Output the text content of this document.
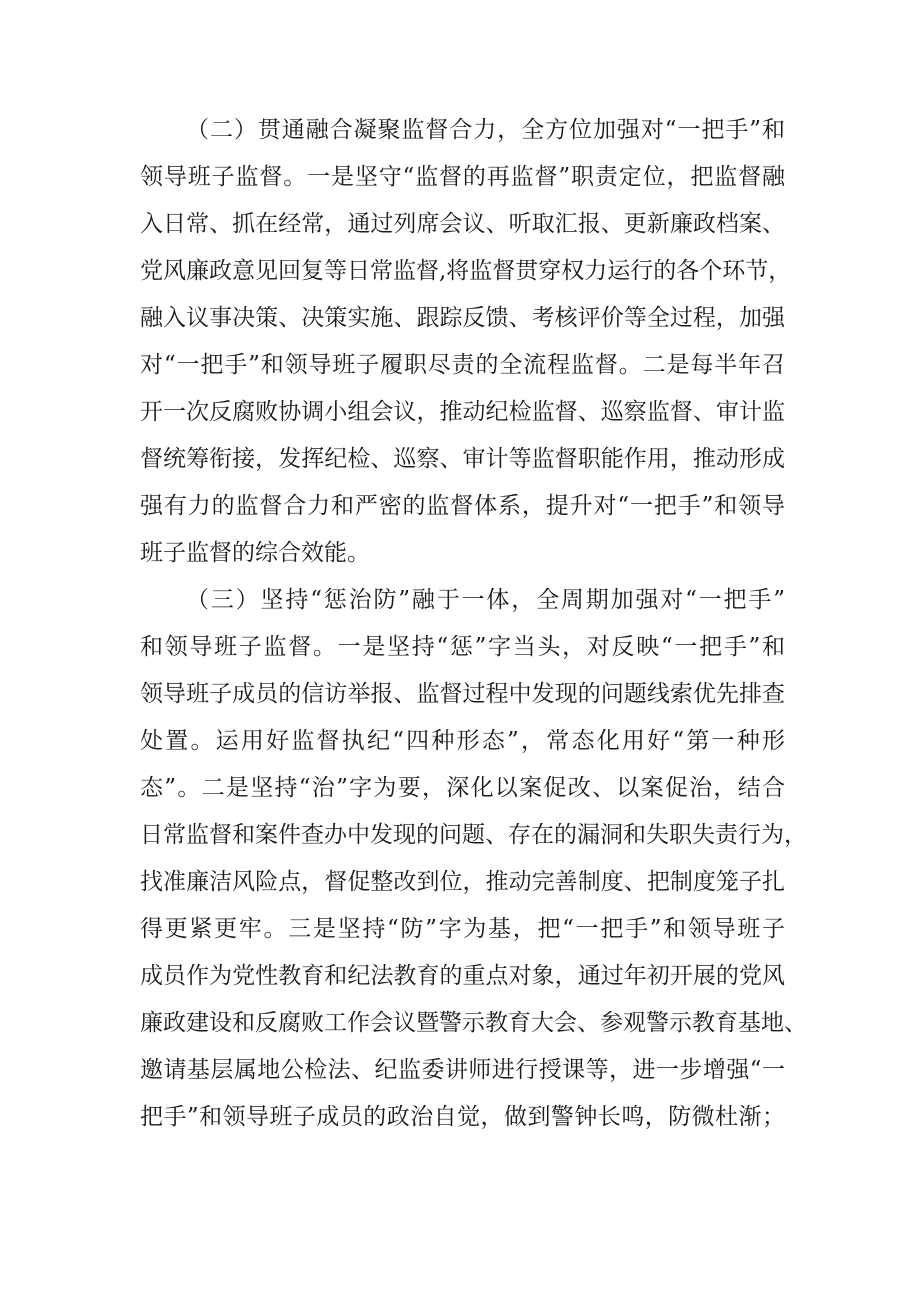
（二）贯通融合凝聚监督合力，全方位加强对“一把手”和
领导班子监督。一是坚守“监督的再监督”职责定位，把监督融
入日常、抓在经常，通过列席会议、听取汇报、更新廉政档案、
党风廉政意见回复等日常监督,将监督贯穿权力运行的各个环节，
融入议事决策、决策实施、跟踪反馈、考核评价等全过程，加强
对“一把手”和领导班子履职尽责的全流程监督。二是每半年召
开一次反腐败协调小组会议，推动纪检监督、巡察监督、审计监
督统筹衔接，发挥纪检、巡察、审计等监督职能作用，推动形成
强有力的监督合力和严密的监督体系，提升对“一把手”和领导
班子监督的综合效能。
（三）坚持“惩治防”融于一体，全周期加强对“一把手”
和领导班子监督。一是坚持“惩”字当头，对反映“一把手”和
领导班子成员的信访举报、监督过程中发现的问题线索优先排查
处置。运用好监督执纪“四种形态”，常态化用好“第一种形
态”。二是坚持“治”字为要，深化以案促改、以案促治，结合
日常监督和案件查办中发现的问题、存在的漏洞和失职失责行为，
找准廉洁风险点，督促整改到位，推动完善制度、把制度笼子扎
得更紧更牢。三是坚持“防”字为基，把“一把手”和领导班子
成员作为党性教育和纪法教育的重点对象，通过年初开展的党风
廉政建设和反腐败工作会议暨警示教育大会、参观警示教育基地、
邀请基层属地公检法、纪监委讲师进行授课等，进一步增强“一
把手”和领导班子成员的政治自觉，做到警钟长鸣，防微杜渐；
